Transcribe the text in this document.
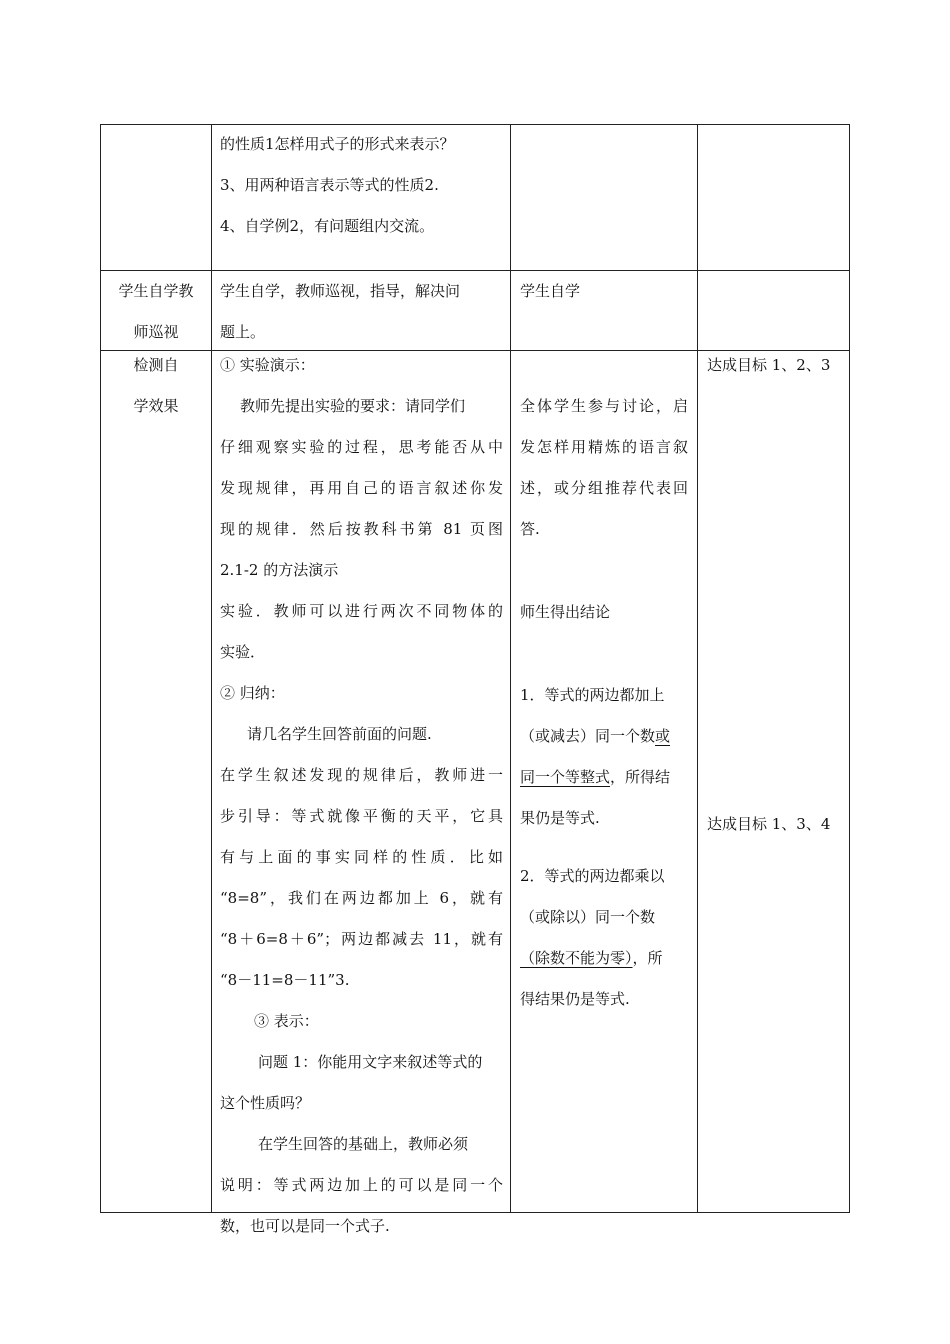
的性质1怎样用式子的形式来表示？

3、用两种语言表示等式的性质2.

4、自学例2，有问题组内交流。

学生自学教

师巡视

学生自学，教师巡视，指导，解决问

题上。

学生自学

检测自

学效果

① 实验演示：

教师先提出实验的要求：请同学们

仔细观察实验的过程，思考能否从中

发现规律，再用自己的语言叙述你发

现的规律．然后按教科书第 81 页图

2.1-2 的方法演示

实验．教师可以进行两次不同物体的

实验．

② 归纳：

请几名学生回答前面的问题.

在学生叙述发现的规律后，教师进一

步引导：等式就像平衡的天平，它具

有与上面的事实同样的性质．比如

“8=8”，我们在两边都加上 6，就有

“8＋6=8＋6”；两边都减去 11，就有

“8－11=8－11”3.

③ 表示：

问题 1：你能用文字来叙述等式的

这个性质吗？

在学生回答的基础上，教师必须

说明：等式两边加上的可以是同一个

数，也可以是同一个式子.

全体学生参与讨论，启

发怎样用精炼的语言叙

述，或分组推荐代表回

答.

师生得出结论

1．等式的两边都加上

（或减去）同一个数或

同一个等整式，所得结

果仍是等式.

2．等式的两边都乘以

（或除以）同一个数

（除数不能为零），所

得结果仍是等式.

达成目标 1、2、3

达成目标 1、3、4
